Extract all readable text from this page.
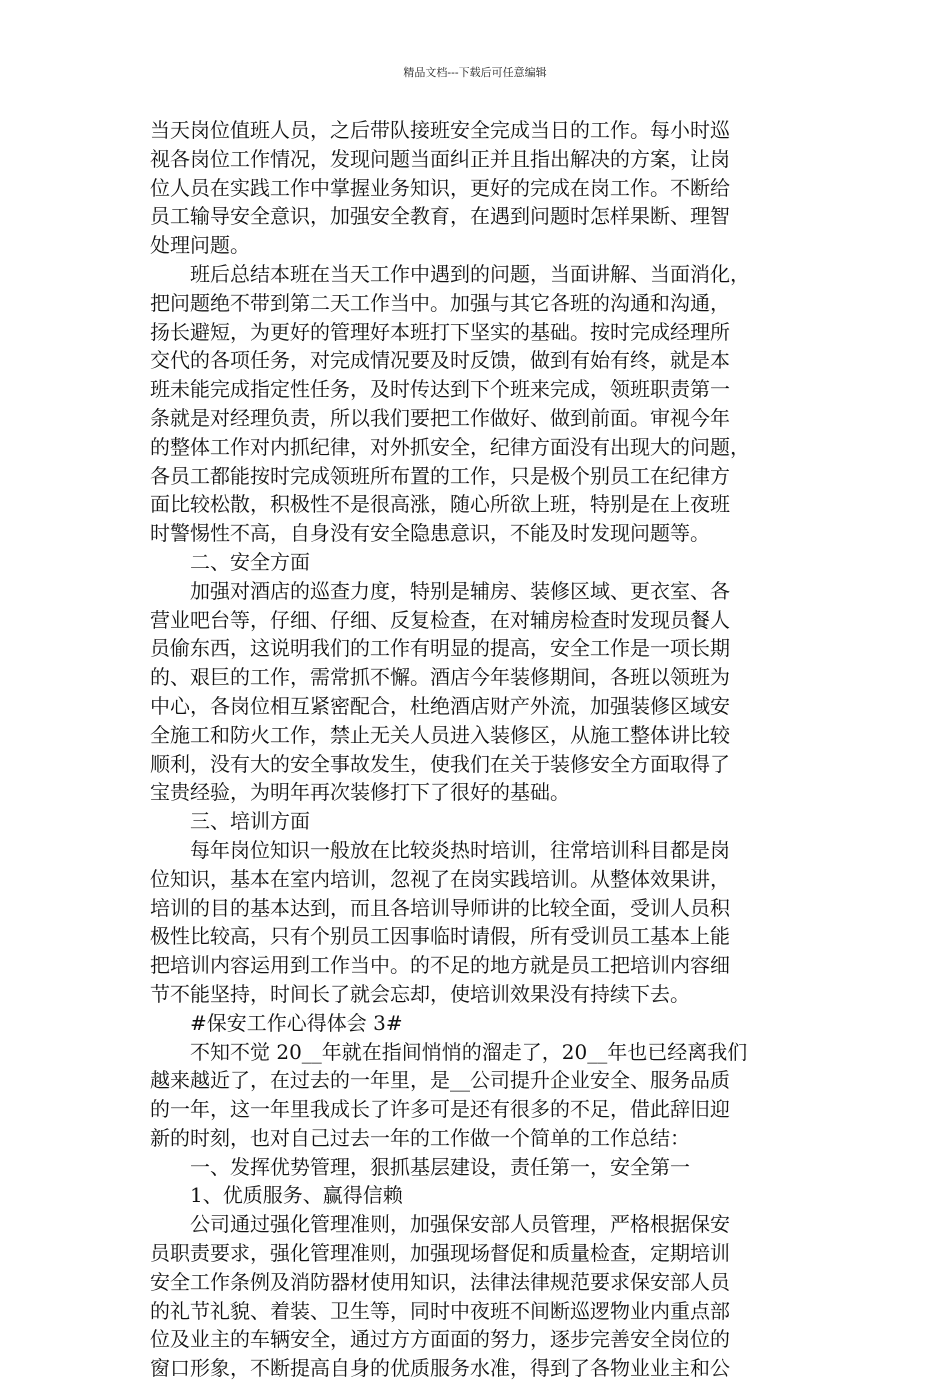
精品文档---下载后可任意编辑
当天岗位值班人员，之后带队接班安全完成当日的工作。每小时巡
视各岗位工作情况，发现问题当面纠正并且指出解决的方案，让岗
位人员在实践工作中掌握业务知识，更好的完成在岗工作。不断给
员工输导安全意识，加强安全教育，在遇到问题时怎样果断、理智
处理问题。
班后总结本班在当天工作中遇到的问题，当面讲解、当面消化，
把问题绝不带到第二天工作当中。加强与其它各班的沟通和沟通，
扬长避短，为更好的管理好本班打下坚实的基础。按时完成经理所
交代的各项任务，对完成情况要及时反馈，做到有始有终，就是本
班未能完成指定性任务，及时传达到下个班来完成，领班职责第一
条就是对经理负责，所以我们要把工作做好、做到前面。审视今年
的整体工作对内抓纪律，对外抓安全，纪律方面没有出现大的问题，
各员工都能按时完成领班所布置的工作，只是极个别员工在纪律方
面比较松散，积极性不是很高涨，随心所欲上班，特别是在上夜班
时警惕性不高，自身没有安全隐患意识，不能及时发现问题等。
二、安全方面
加强对酒店的巡查力度，特别是辅房、装修区域、更衣室、各
营业吧台等，仔细、仔细、反复检查，在对辅房检查时发现员餐人
员偷东西，这说明我们的工作有明显的提高，安全工作是一项长期
的、艰巨的工作，需常抓不懈。酒店今年装修期间，各班以领班为
中心，各岗位相互紧密配合，杜绝酒店财产外流，加强装修区域安
全施工和防火工作，禁止无关人员进入装修区，从施工整体讲比较
顺利，没有大的安全事故发生，使我们在关于装修安全方面取得了
宝贵经验，为明年再次装修打下了很好的基础。
三、培训方面
每年岗位知识一般放在比较炎热时培训，往常培训科目都是岗
位知识，基本在室内培训，忽视了在岗实践培训。从整体效果讲，
培训的目的基本达到，而且各培训导师讲的比较全面，受训人员积
极性比较高，只有个别员工因事临时请假，所有受训员工基本上能
把培训内容运用到工作当中。的不足的地方就是员工把培训内容细
节不能坚持，时间长了就会忘却，使培训效果没有持续下去。
#保安工作心得体会 3#
不知不觉 20__年就在指间悄悄的溜走了，20__年也已经离我们
越来越近了，在过去的一年里，是__公司提升企业安全、服务品质
的一年，这一年里我成长了许多可是还有很多的不足，借此辞旧迎
新的时刻，也对自己过去一年的工作做一个简单的工作总结：
一、发挥优势管理，狠抓基层建设，责任第一，安全第一
1、优质服务、赢得信赖
公司通过强化管理准则，加强保安部人员管理，严格根据保安
员职责要求，强化管理准则，加强现场督促和质量检查，定期培训
安全工作条例及消防器材使用知识，法律法律规范要求保安部人员
的礼节礼貌、着装、卫生等，同时中夜班不间断巡逻物业内重点部
位及业主的车辆安全，通过方方面面的努力，逐步完善安全岗位的
窗口形象，不断提高自身的优质服务水准，得到了各物业业主和公
